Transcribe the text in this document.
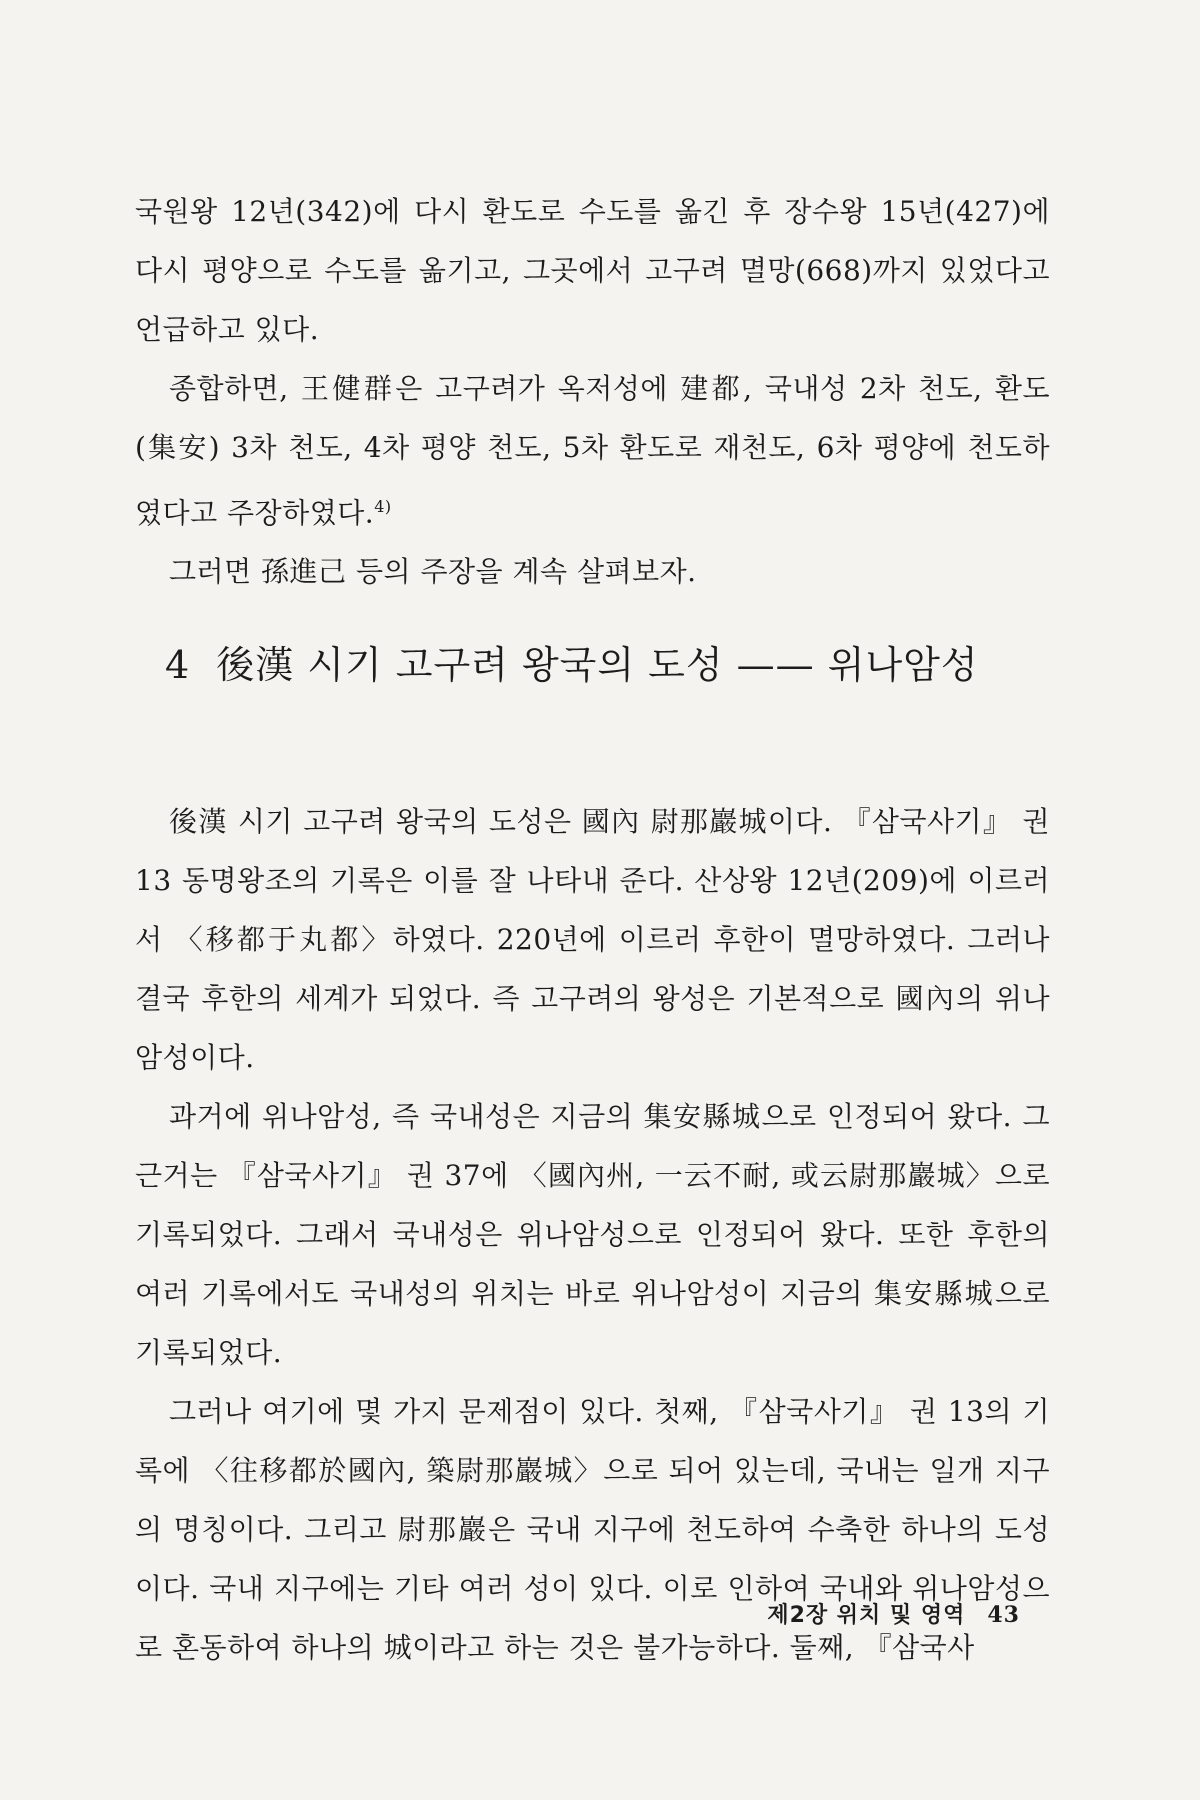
국원왕 12년(342)에 다시 환도로 수도를 옮긴 후 장수왕 15년(427)에 다시 평양으로 수도를 옮기고, 그곳에서 고구려 멸망(668)까지 있었다고 언급하고 있다.

종합하면, 王健群은 고구려가 옥저성에 建都, 국내성 2차 천도, 환도(集安) 3차 천도, 4차 평양 천도, 5차 환도로 재천도, 6차 평양에 천도하였다고 주장하였다.$^{4)}$

그러면 孫進己 등의 주장을 계속 살펴보자.

4 後漢 시기 고구려 왕국의 도성 —— 위나암성

後漢 시기 고구려 왕국의 도성은 國內 尉那巖城이다. 『삼국사기』 권 13 동명왕조의 기록은 이를 잘 나타내 준다. 산상왕 12년(209)에 이르러서 〈移都于丸都〉하였다. 220년에 이르러 후한이 멸망하였다. 그러나 결국 후한의 세계가 되었다. 즉 고구려의 왕성은 기본적으로 國內의 위나암성이다.

과거에 위나암성, 즉 국내성은 지금의 集安縣城으로 인정되어 왔다. 그 근거는 『삼국사기』 권 37에 〈國內州, 一云不耐, 或云尉那巖城〉으로 기록되었다. 그래서 국내성은 위나암성으로 인정되어 왔다. 또한 후한의 여러 기록에서도 국내성의 위치는 바로 위나암성이 지금의 集安縣城으로 기록되었다.

그러나 여기에 몇 가지 문제점이 있다. 첫째, 『삼국사기』 권 13의 기록에 〈往移都於國內, 築尉那巖城〉으로 되어 있는데, 국내는 일개 지구의 명칭이다. 그리고 尉那巖은 국내 지구에 천도하여 수축한 하나의 도성이다. 국내 지구에는 기타 여러 성이 있다. 이로 인하여 국내와 위나암성으로 혼동하여 하나의 城이라고 하는 것은 불가능하다. 둘째, 『삼국사

제2장 위치 및 영역 43
